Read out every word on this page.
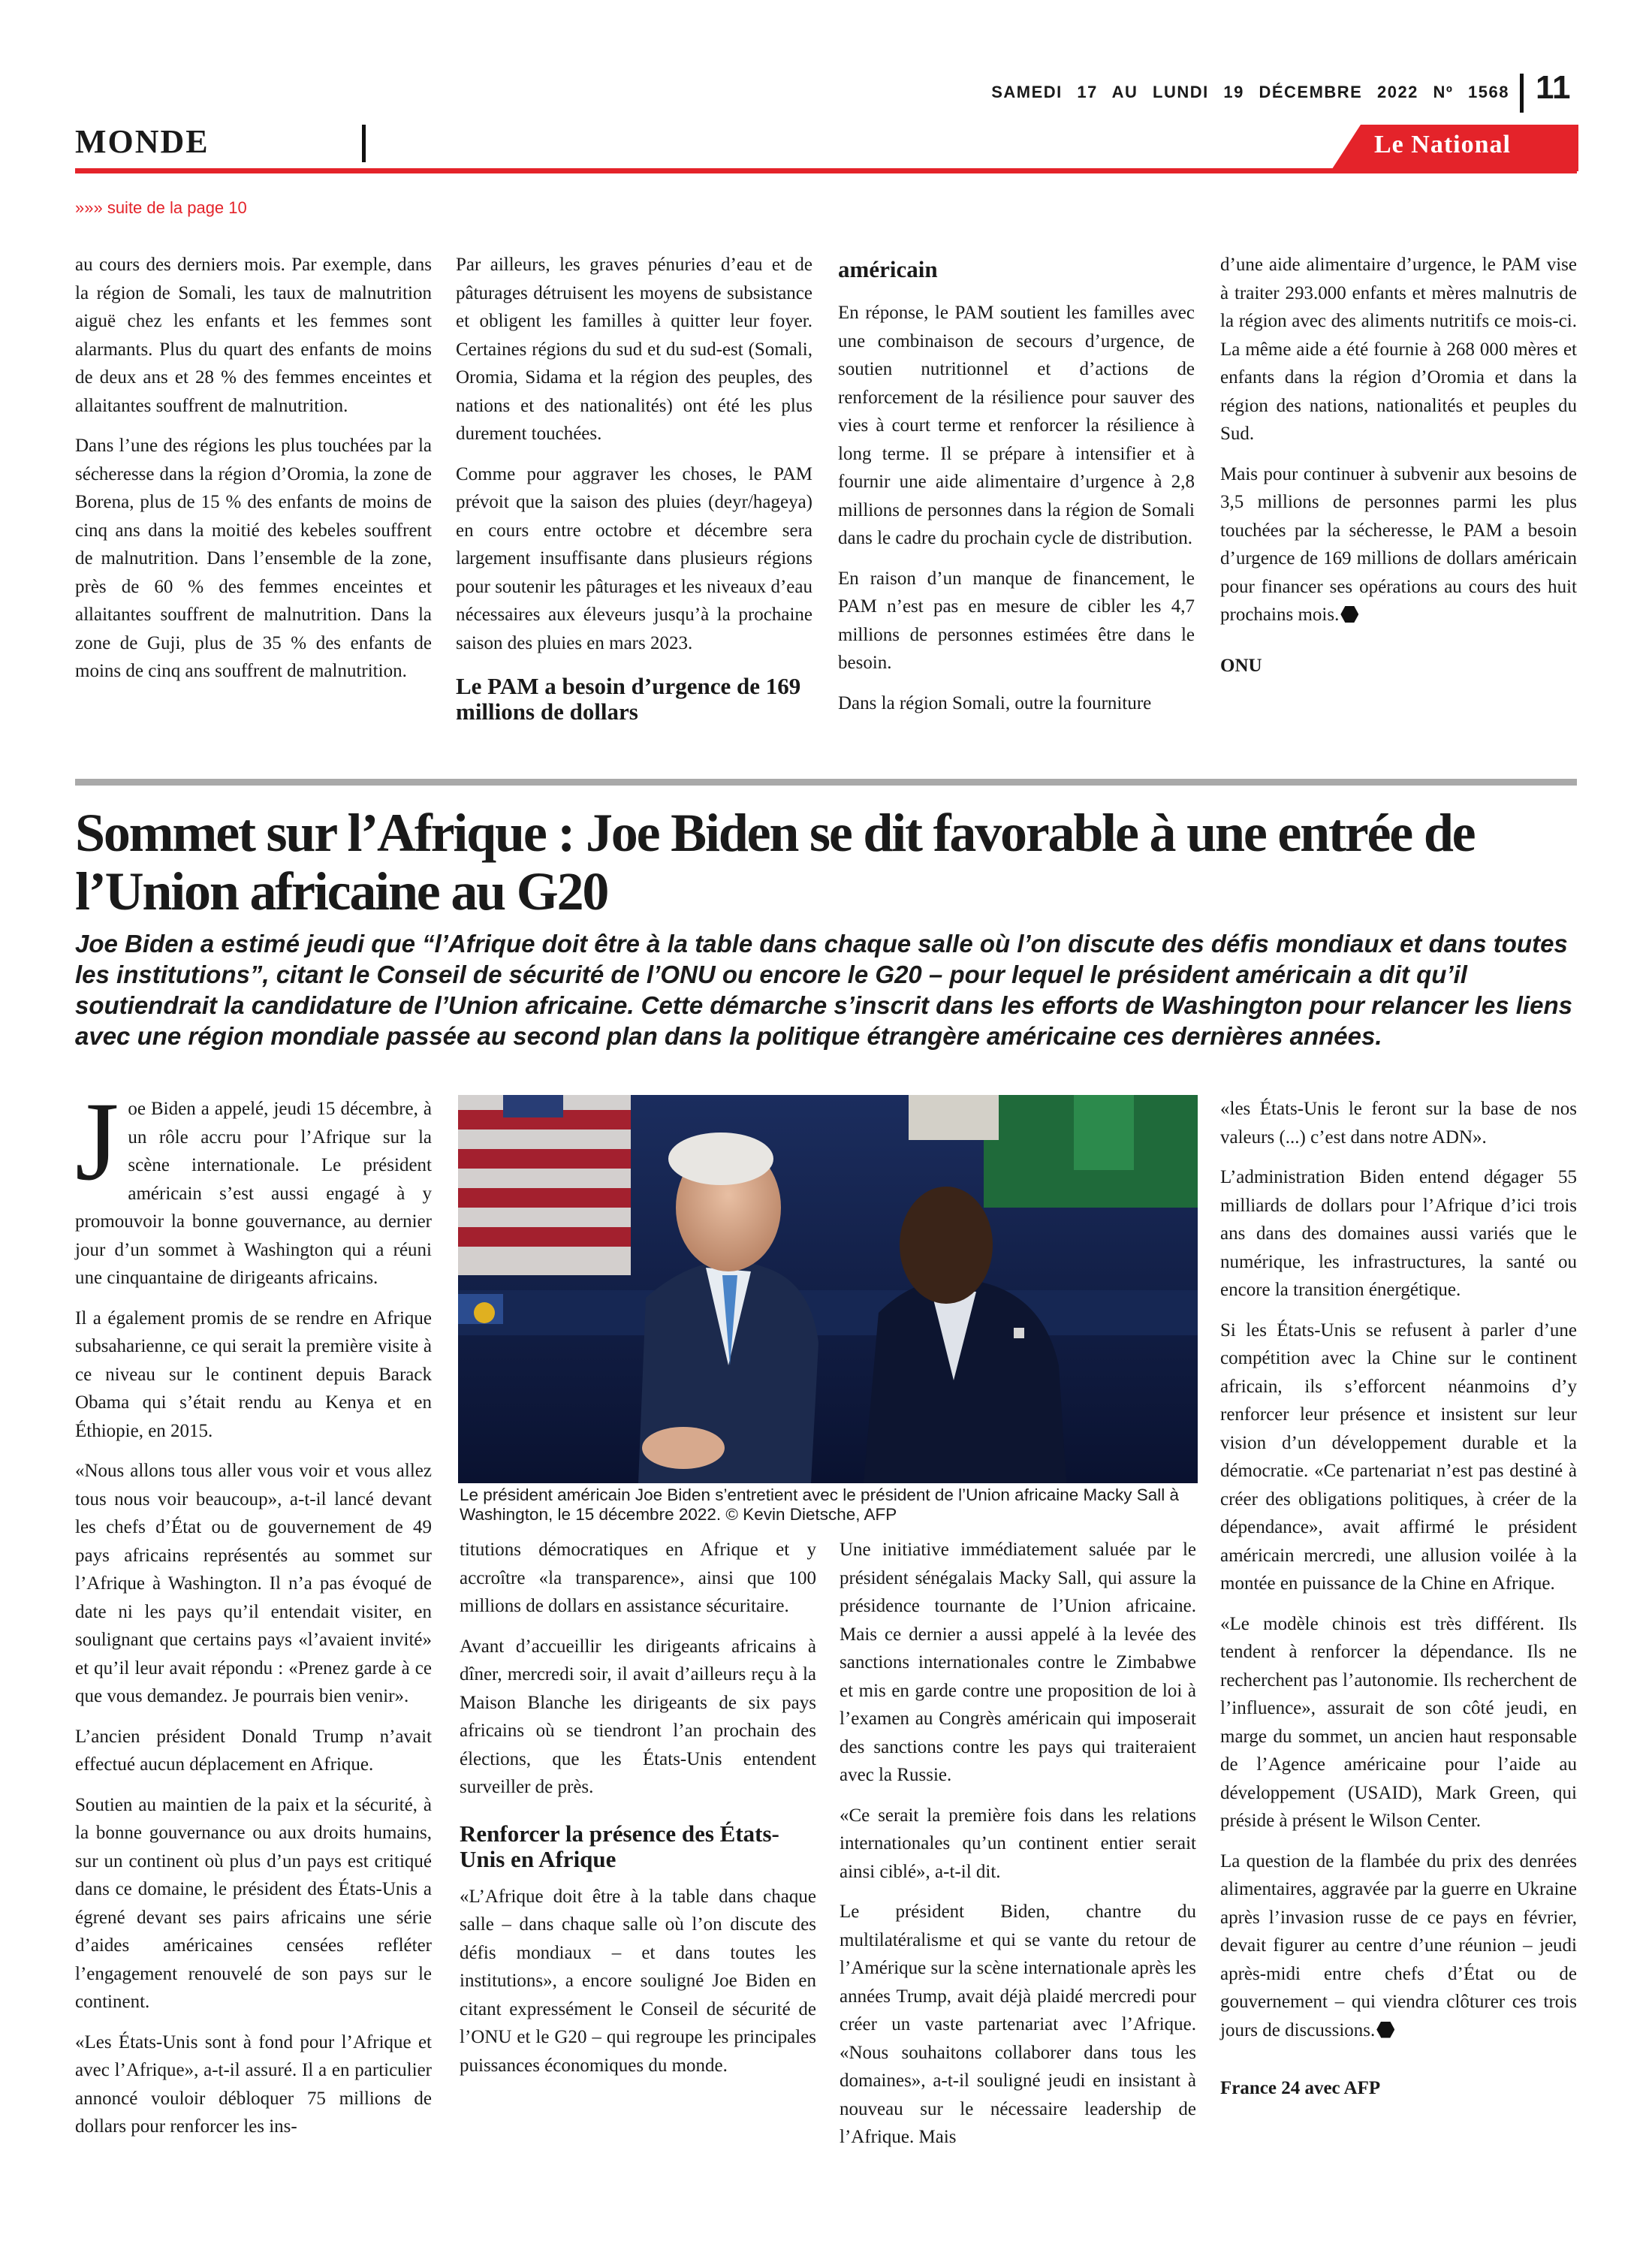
SAMEDI 17 AU LUNDI 19 DÉCEMBRE 2022 Nº 1568 11
MONDE	Le National
»»» suite de la page 10

au cours des derniers mois. Par exemple, dans la région de Somali, les taux de malnutrition aiguë chez les enfants et les femmes sont alarmants. Plus du quart des enfants de moins de deux ans et 28 % des femmes enceintes et allaitantes souffrent de malnutrition.

Dans l’une des régions les plus touchées par la sécheresse dans la région d’Oromia, la zone de Borena, plus de 15 % des enfants de moins de cinq ans dans la moitié des kebeles souffrent de malnutrition. Dans l’ensemble de la zone, près de 60 % des femmes enceintes et allaitantes souffrent de malnutrition. Dans la zone de Guji, plus de 35 % des enfants de moins de cinq ans souffrent de malnutrition.

Par ailleurs, les graves pénuries d’eau et de pâturages détruisent les moyens de subsistance et obligent les familles à quitter leur foyer. Certaines régions du sud et du sud-est (Somali, Oromia, Sidama et la région des peuples, des nations et des nationalités) ont été les plus durement touchées.

Comme pour aggraver les choses, le PAM prévoit que la saison des pluies (deyr/hageya) en cours entre octobre et décembre sera largement insuffisante dans plusieurs régions pour soutenir les pâturages et les niveaux d’eau nécessaires aux éleveurs jusqu’à la prochaine saison des pluies en mars 2023.

Le PAM a besoin d’urgence de 169 millions de dollars
américain

En réponse, le PAM soutient les familles avec une combinaison de secours d’urgence, de soutien nutritionnel et d’actions de renforcement de la résilience pour sauver des vies à court terme et renforcer la résilience à long terme. Il se prépare à intensifier et à fournir une aide alimentaire d’urgence à 2,8 millions de personnes dans la région de Somali dans le cadre du prochain cycle de distribution.

En raison d’un manque de financement, le PAM n’est pas en mesure de cibler les 4,7 millions de personnes estimées être dans le besoin.

Dans la région Somali, outre la fourniture

d’une aide alimentaire d’urgence, le PAM vise à traiter 293.000 enfants et mères malnutris de la région avec des aliments nutritifs ce mois-ci. La même aide a été fournie à 268 000 mères et enfants dans la région d’Oromia et dans la région des nations, nationalités et peuples du Sud.

Mais pour continuer à subvenir aux besoins de 3,5 millions de personnes parmi les plus touchées par la sécheresse, le PAM a besoin d’urgence de 169 millions de dollars américain pour financer ses opérations au cours des huit prochains mois.

ONU

Sommet sur l’Afrique : Joe Biden se dit favorable à une entrée de l’Union africaine au G20
Joe Biden a estimé jeudi que “l’Afrique doit être à la table dans chaque salle où l’on discute des défis mondiaux et dans toutes les institutions”, citant le Conseil de sécurité de l’ONU ou encore le G20 – pour lequel le président américain a dit qu’il soutiendrait la candidature de l’Union africaine. Cette démarche s’inscrit dans les efforts de Washington pour relancer les liens avec une région mondiale passée au second plan dans la politique étrangère américaine ces dernières années.

Joe Biden a appelé, jeudi 15 décembre, à un rôle accru pour l’Afrique sur la scène internationale. Le président américain s’est aussi engagé à y promouvoir la bonne gouvernance, au dernier jour d’un sommet à Washington qui a réuni une cinquantaine de dirigeants africains.

Il a également promis de se rendre en Afrique subsaharienne, ce qui serait la première visite à ce niveau sur le continent depuis Barack Obama qui s’était rendu au Kenya et en Éthiopie, en 2015.

«Nous allons tous aller vous voir et vous allez tous nous voir beaucoup», a-t-il lancé devant les chefs d’État ou de gouvernement de 49 pays africains représentés au sommet sur l’Afrique à Washington. Il n’a pas évoqué de date ni les pays qu’il entendait visiter, en soulignant que certains pays «l’avaient invité» et qu’il leur avait répondu : «Prenez garde à ce que vous demandez. Je pourrais bien venir».

L’ancien président Donald Trump n’avait effectué aucun déplacement en Afrique.

Soutien au maintien de la paix et la sécurité, à la bonne gouvernance ou aux droits humains, sur un continent où plus d’un pays est critiqué dans ce domaine, le président des États-Unis a égrené devant ses pairs africains une série d’aides américaines censées refléter l’engagement renouvelé de son pays sur le continent.

«Les États-Unis sont à fond pour l’Afrique et avec l’Afrique», a-t-il assuré. Il a en particulier annoncé vouloir débloquer 75 millions de dollars pour renforcer les ins-

Le président américain Joe Biden s’entretient avec le président de l’Union africaine Macky Sall à Washington, le 15 décembre 2022. © Kevin Dietsche, AFP

titutions démocratiques en Afrique et y accroître «la transparence», ainsi que 100 millions de dollars en assistance sécuritaire.

Avant d’accueillir les dirigeants africains à dîner, mercredi soir, il avait d’ailleurs reçu à la Maison Blanche les dirigeants de six pays africains où se tiendront l’an prochain des élections, que les États-Unis entendent surveiller de près.

Renforcer la présence des États-Unis en Afrique

«L’Afrique doit être à la table dans chaque salle – dans chaque salle où l’on discute des défis mondiaux – et dans toutes les institutions», a encore souligné Joe Biden en citant expressément le Conseil de sécurité de l’ONU et le G20 – qui regroupe les principales puissances économiques du monde.

Une initiative immédiatement saluée par le président sénégalais Macky Sall, qui assure la présidence tournante de l’Union africaine. Mais ce dernier a aussi appelé à la levée des sanctions internationales contre le Zimbabwe et mis en garde contre une proposition de loi à l’examen au Congrès américain qui imposerait des sanctions contre les pays qui traiteraient avec la Russie.

«Ce serait la première fois dans les relations internationales qu’un continent entier serait ainsi ciblé», a-t-il dit.

Le président Biden, chantre du multilatéralisme et qui se vante du retour de l’Amérique sur la scène internationale après les années Trump, avait déjà plaidé mercredi pour créer un vaste partenariat avec l’Afrique. «Nous souhaitons collaborer dans tous les domaines», a-t-il souligné jeudi en insistant à nouveau sur le nécessaire leadership de l’Afrique. Mais

«les États-Unis le feront sur la base de nos valeurs (...) c’est dans notre ADN».

L’administration Biden entend dégager 55 milliards de dollars pour l’Afrique d’ici trois ans dans des domaines aussi variés que le numérique, les infrastructures, la santé ou encore la transition énergétique.

Si les États-Unis se refusent à parler d’une compétition avec la Chine sur le continent africain, ils s’efforcent néanmoins d’y renforcer leur présence et insistent sur leur vision d’un développement durable et la démocratie. «Ce partenariat n’est pas destiné à créer des obligations politiques, à créer de la dépendance», avait affirmé le président américain mercredi, une allusion voilée à la montée en puissance de la Chine en Afrique.

«Le modèle chinois est très différent. Ils tendent à renforcer la dépendance. Ils ne recherchent pas l’autonomie. Ils recherchent de l’influence», assurait de son côté jeudi, en marge du sommet, un ancien haut responsable de l’Agence américaine pour l’aide au développement (USAID), Mark Green, qui préside à présent le Wilson Center.

La question de la flambée du prix des denrées alimentaires, aggravée par la guerre en Ukraine après l’invasion russe de ce pays en février, devait figurer au centre d’une réunion – jeudi après-midi entre chefs d’État ou de gouvernement – qui viendra clôturer ces trois jours de discussions.

France 24 avec AFP
